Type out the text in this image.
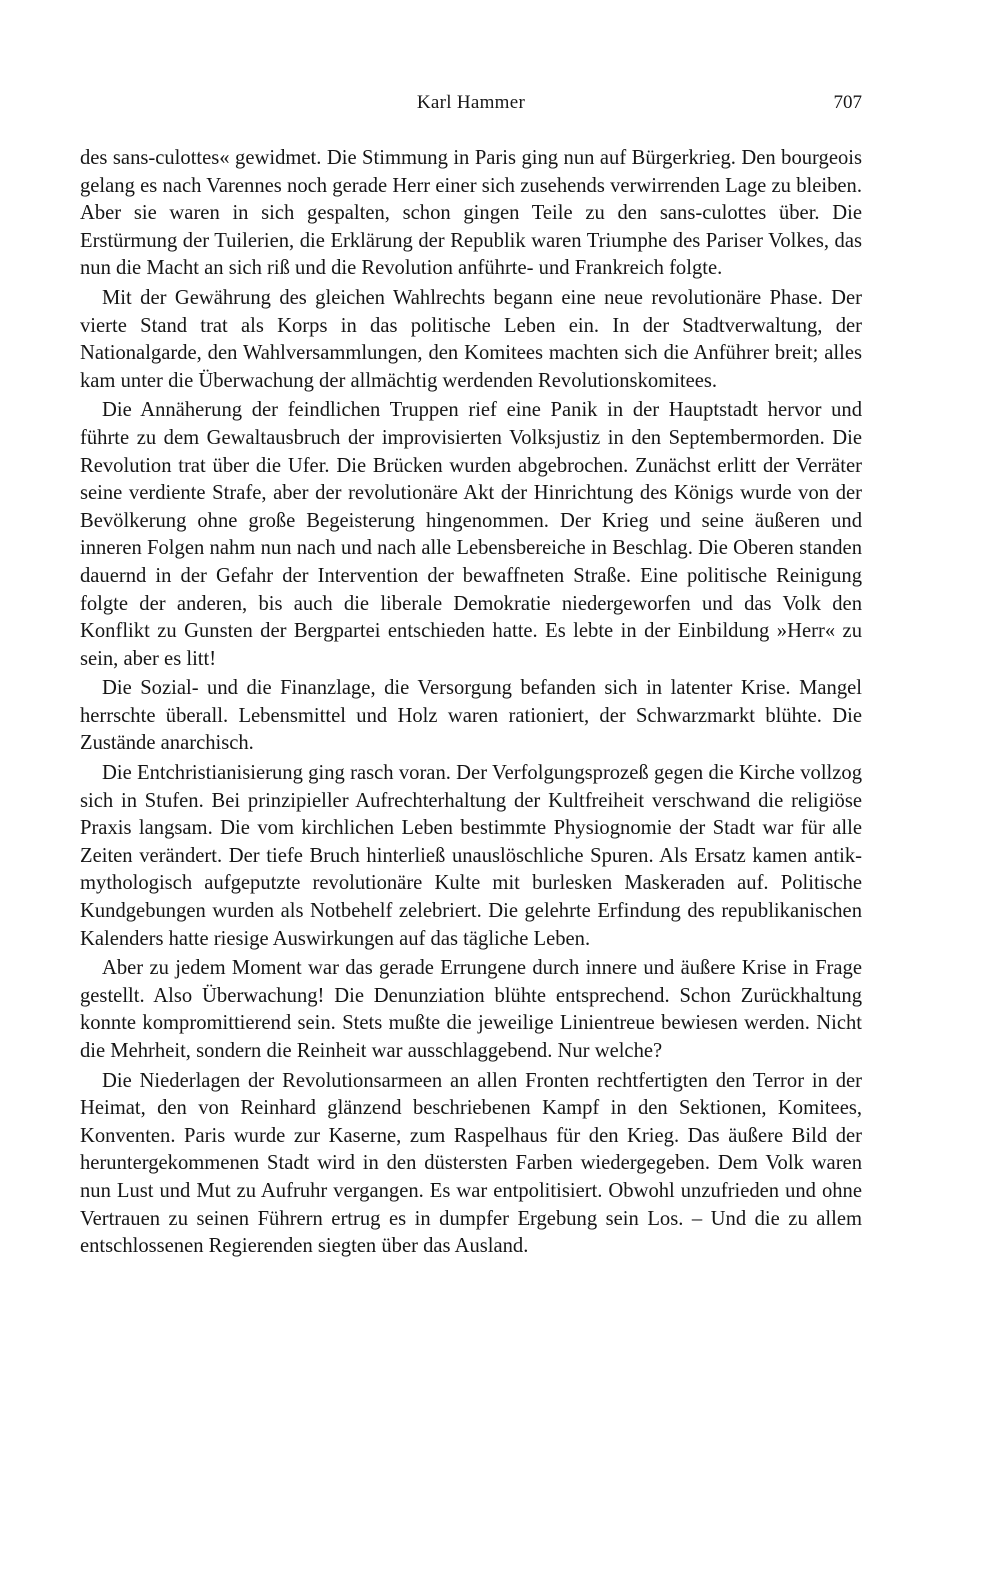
Karl Hammer	707

des sans-culottes« gewidmet. Die Stimmung in Paris ging nun auf Bürgerkrieg. Den bourgeois gelang es nach Varennes noch gerade Herr einer sich zusehends verwirrenden Lage zu bleiben. Aber sie waren in sich gespalten, schon gingen Teile zu den sans-culottes über. Die Erstürmung der Tuilerien, die Erklärung der Republik waren Triumphe des Pariser Volkes, das nun die Macht an sich riß und die Revolution anführte- und Frankreich folgte.

Mit der Gewährung des gleichen Wahlrechts begann eine neue revolutionäre Phase. Der vierte Stand trat als Korps in das politische Leben ein. In der Stadtverwaltung, der Nationalgarde, den Wahlversammlungen, den Komitees machten sich die Anführer breit; alles kam unter die Überwachung der allmächtig werdenden Revolutionskomitees.

Die Annäherung der feindlichen Truppen rief eine Panik in der Hauptstadt hervor und führte zu dem Gewaltausbruch der improvisierten Volksjustiz in den Septembermorden. Die Revolution trat über die Ufer. Die Brücken wurden abgebrochen. Zunächst erlitt der Verräter seine verdiente Strafe, aber der revolutionäre Akt der Hinrichtung des Königs wurde von der Bevölkerung ohne große Begeisterung hingenommen. Der Krieg und seine äußeren und inneren Folgen nahm nun nach und nach alle Lebensbereiche in Beschlag. Die Oberen standen dauernd in der Gefahr der Intervention der bewaffneten Straße. Eine politische Reinigung folgte der anderen, bis auch die liberale Demokratie niedergeworfen und das Volk den Konflikt zu Gunsten der Bergpartei entschieden hatte. Es lebte in der Einbildung »Herr« zu sein, aber es litt!

Die Sozial- und die Finanzlage, die Versorgung befanden sich in latenter Krise. Mangel herrschte überall. Lebensmittel und Holz waren rationiert, der Schwarzmarkt blühte. Die Zustände anarchisch.

Die Entchristianisierung ging rasch voran. Der Verfolgungsprozeß gegen die Kirche vollzog sich in Stufen. Bei prinzipieller Aufrechterhaltung der Kultfreiheit verschwand die religiöse Praxis langsam. Die vom kirchlichen Leben bestimmte Physiognomie der Stadt war für alle Zeiten verändert. Der tiefe Bruch hinterließ unauslöschliche Spuren. Als Ersatz kamen antik-mythologisch aufgeputzte revolutionäre Kulte mit burlesken Maskeraden auf. Politische Kundgebungen wurden als Notbehelf zelebriert. Die gelehrte Erfindung des republikanischen Kalenders hatte riesige Auswirkungen auf das tägliche Leben.

Aber zu jedem Moment war das gerade Errungene durch innere und äußere Krise in Frage gestellt. Also Überwachung! Die Denunziation blühte entsprechend. Schon Zurückhaltung konnte kompromittierend sein. Stets mußte die jeweilige Linientreue bewiesen werden. Nicht die Mehrheit, sondern die Reinheit war ausschlaggebend. Nur welche?

Die Niederlagen der Revolutionsarmeen an allen Fronten rechtfertigten den Terror in der Heimat, den von Reinhard glänzend beschriebenen Kampf in den Sektionen, Komitees, Konventen. Paris wurde zur Kaserne, zum Raspelhaus für den Krieg. Das äußere Bild der heruntergekommenen Stadt wird in den düstersten Farben wiedergegeben. Dem Volk waren nun Lust und Mut zu Aufruhr vergangen. Es war entpolitisiert. Obwohl unzufrieden und ohne Vertrauen zu seinen Führern ertrug es in dumpfer Ergebung sein Los. – Und die zu allem entschlossenen Regierenden siegten über das Ausland.
